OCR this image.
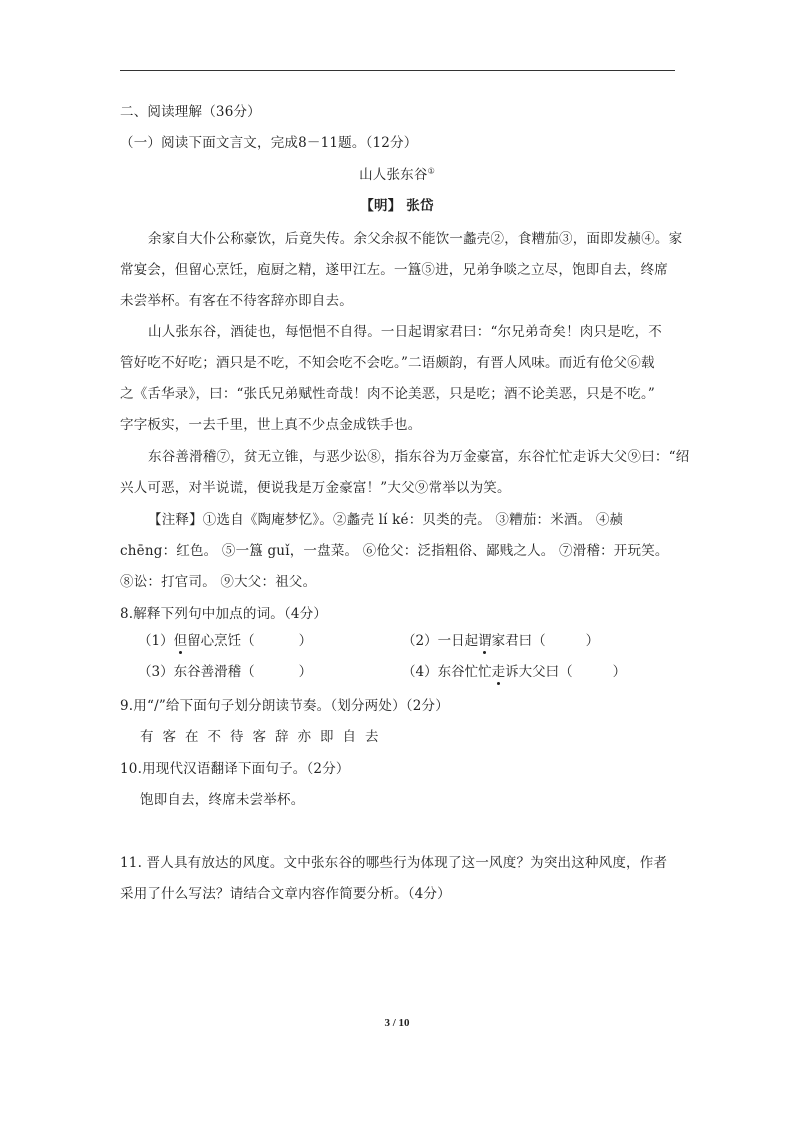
二、阅读理解（36分）
（一）阅读下面文言文，完成8－11题。（12分）
山人张东谷①
【明】 张岱
余家自大仆公称豪饮，后竟失传。余父余叔不能饮一蠡壳②，食糟茄③，面即发赪④。家
常宴会，但留心烹饪，庖厨之精，遂甲江左。一簋⑤进，兄弟争啖之立尽，饱即自去，终席
未尝举杯。有客在不待客辞亦即自去。
山人张东谷，酒徒也，每悒悒不自得。一日起谓家君曰：“尔兄弟奇矣！肉只是吃，不
管好吃不好吃；酒只是不吃，不知会吃不会吃。”二语颇韵，有晋人风味。而近有伧父⑥载
之《舌华录》，曰：“张氏兄弟赋性奇哉！肉不论美恶，只是吃；酒不论美恶，只是不吃。”
字字板实，一去千里，世上真不少点金成铁手也。
东谷善滑稽⑦，贫无立锥，与恶少讼⑧，指东谷为万金豪富，东谷忙忙走诉大父⑨曰：“绍
兴人可恶，对半说谎，便说我是万金豪富！”大父⑨常举以为笑。
【注释】①选自《陶庵梦忆》。②蠡壳 lí ké：贝类的壳。 ③糟茄：米酒。 ④赪
chēng：红色。 ⑤一簋 guǐ，一盘菜。 ⑥伧父：泛指粗俗、鄙贱之人。 ⑦滑稽：开玩笑。
⑧讼：打官司。 ⑨大父：祖父。
8.解释下列句中加点的词。（4分）
（1）但留心烹饪（	）	（2）一日起谓家君曰（	）
（3）东谷善滑稽（	）	（4）东谷忙忙走诉大父曰（	）
9.用“/”给下面句子划分朗读节奏。（划分两处）（2分）
有客在不待客辞亦即自去
10.用现代汉语翻译下面句子。（2分）
饱即自去，终席未尝举杯。
11. 晋人具有放达的风度。文中张东谷的哪些行为体现了这一风度？为突出这种风度，作者
采用了什么写法？请结合文章内容作简要分析。（4分）
3 / 10
